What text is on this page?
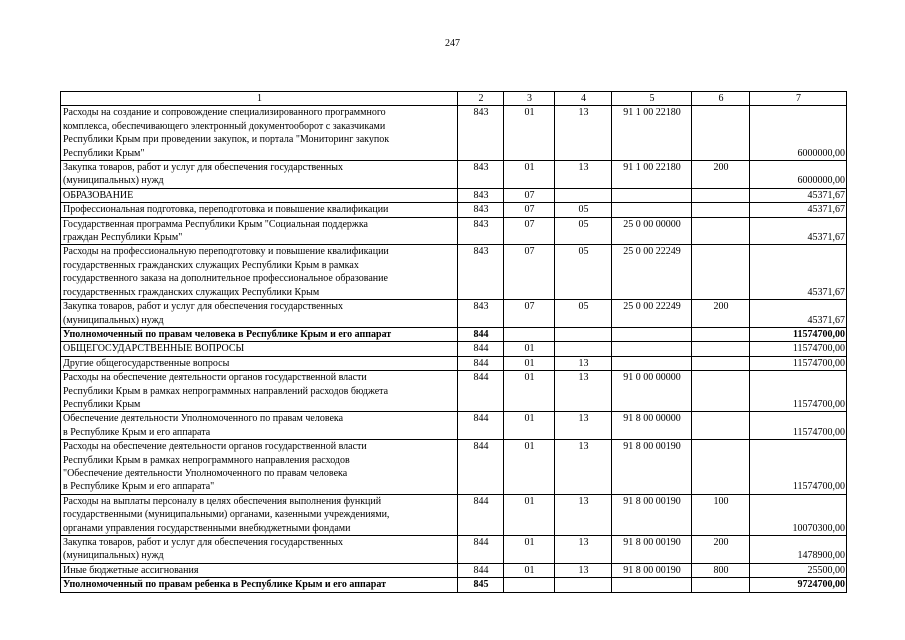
247
1	2	3	4	5	6	7

Расходы на создание и сопровождение специализированного программного
комплекса, обеспечивающего электронный документооборот с заказчиками
Республики Крым при проведении закупок, и портала "Мониторинг закупок
Республики Крым"	843	01	13	91 1 00 22180		6000000,00

Закупка товаров, работ и услуг для обеспечения государственных
(муниципальных) нужд	843	01	13	91 1 00 22180	200	6000000,00

ОБРАЗОВАНИЕ	843	07				45371,67

Профессиональная подготовка, переподготовка и повышение квалификации	843	07	05			45371,67

Государственная программа Республики Крым "Социальная поддержка
граждан Республики Крым"	843	07	05	25 0 00 00000		45371,67

Расходы на профессиональную переподготовку и повышение квалификации
государственных гражданских служащих Республики Крым в рамках
государственного заказа на дополнительное профессиональное образование
государственных гражданских служащих Республики Крым	843	07	05	25 0 00 22249		45371,67

Закупка товаров, работ и услуг для обеспечения государственных
(муниципальных) нужд	843	07	05	25 0 00 22249	200	45371,67

Уполномоченный по правам человека в Республике Крым и его аппарат	844					11574700,00

ОБЩЕГОСУДАРСТВЕННЫЕ ВОПРОСЫ	844	01				11574700,00

Другие общегосударственные вопросы	844	01	13			11574700,00

Расходы на обеспечение деятельности органов государственной власти
Республики Крым в рамках непрограммных направлений расходов бюджета
Республики Крым	844	01	13	91 0 00 00000		11574700,00

Обеспечение деятельности Уполномоченного по правам человека
в Республике Крым и его аппарата	844	01	13	91 8 00 00000		11574700,00

Расходы на обеспечение деятельности органов государственной власти
Республики Крым в рамках непрограммного направления расходов
"Обеспечение деятельности Уполномоченного по правам человека
в Республике Крым и его аппарата"	844	01	13	91 8 00 00190		11574700,00

Расходы на выплаты персоналу в целях обеспечения выполнения функций
государственными (муниципальными) органами, казенными учреждениями,
органами управления государственными внебюджетными фондами	844	01	13	91 8 00 00190	100	10070300,00

Закупка товаров, работ и услуг для обеспечения государственных
(муниципальных) нужд	844	01	13	91 8 00 00190	200	1478900,00

Иные бюджетные ассигнования	844	01	13	91 8 00 00190	800	25500,00

Уполномоченный по правам ребенка в Республике Крым и его аппарат	845					9724700,00
